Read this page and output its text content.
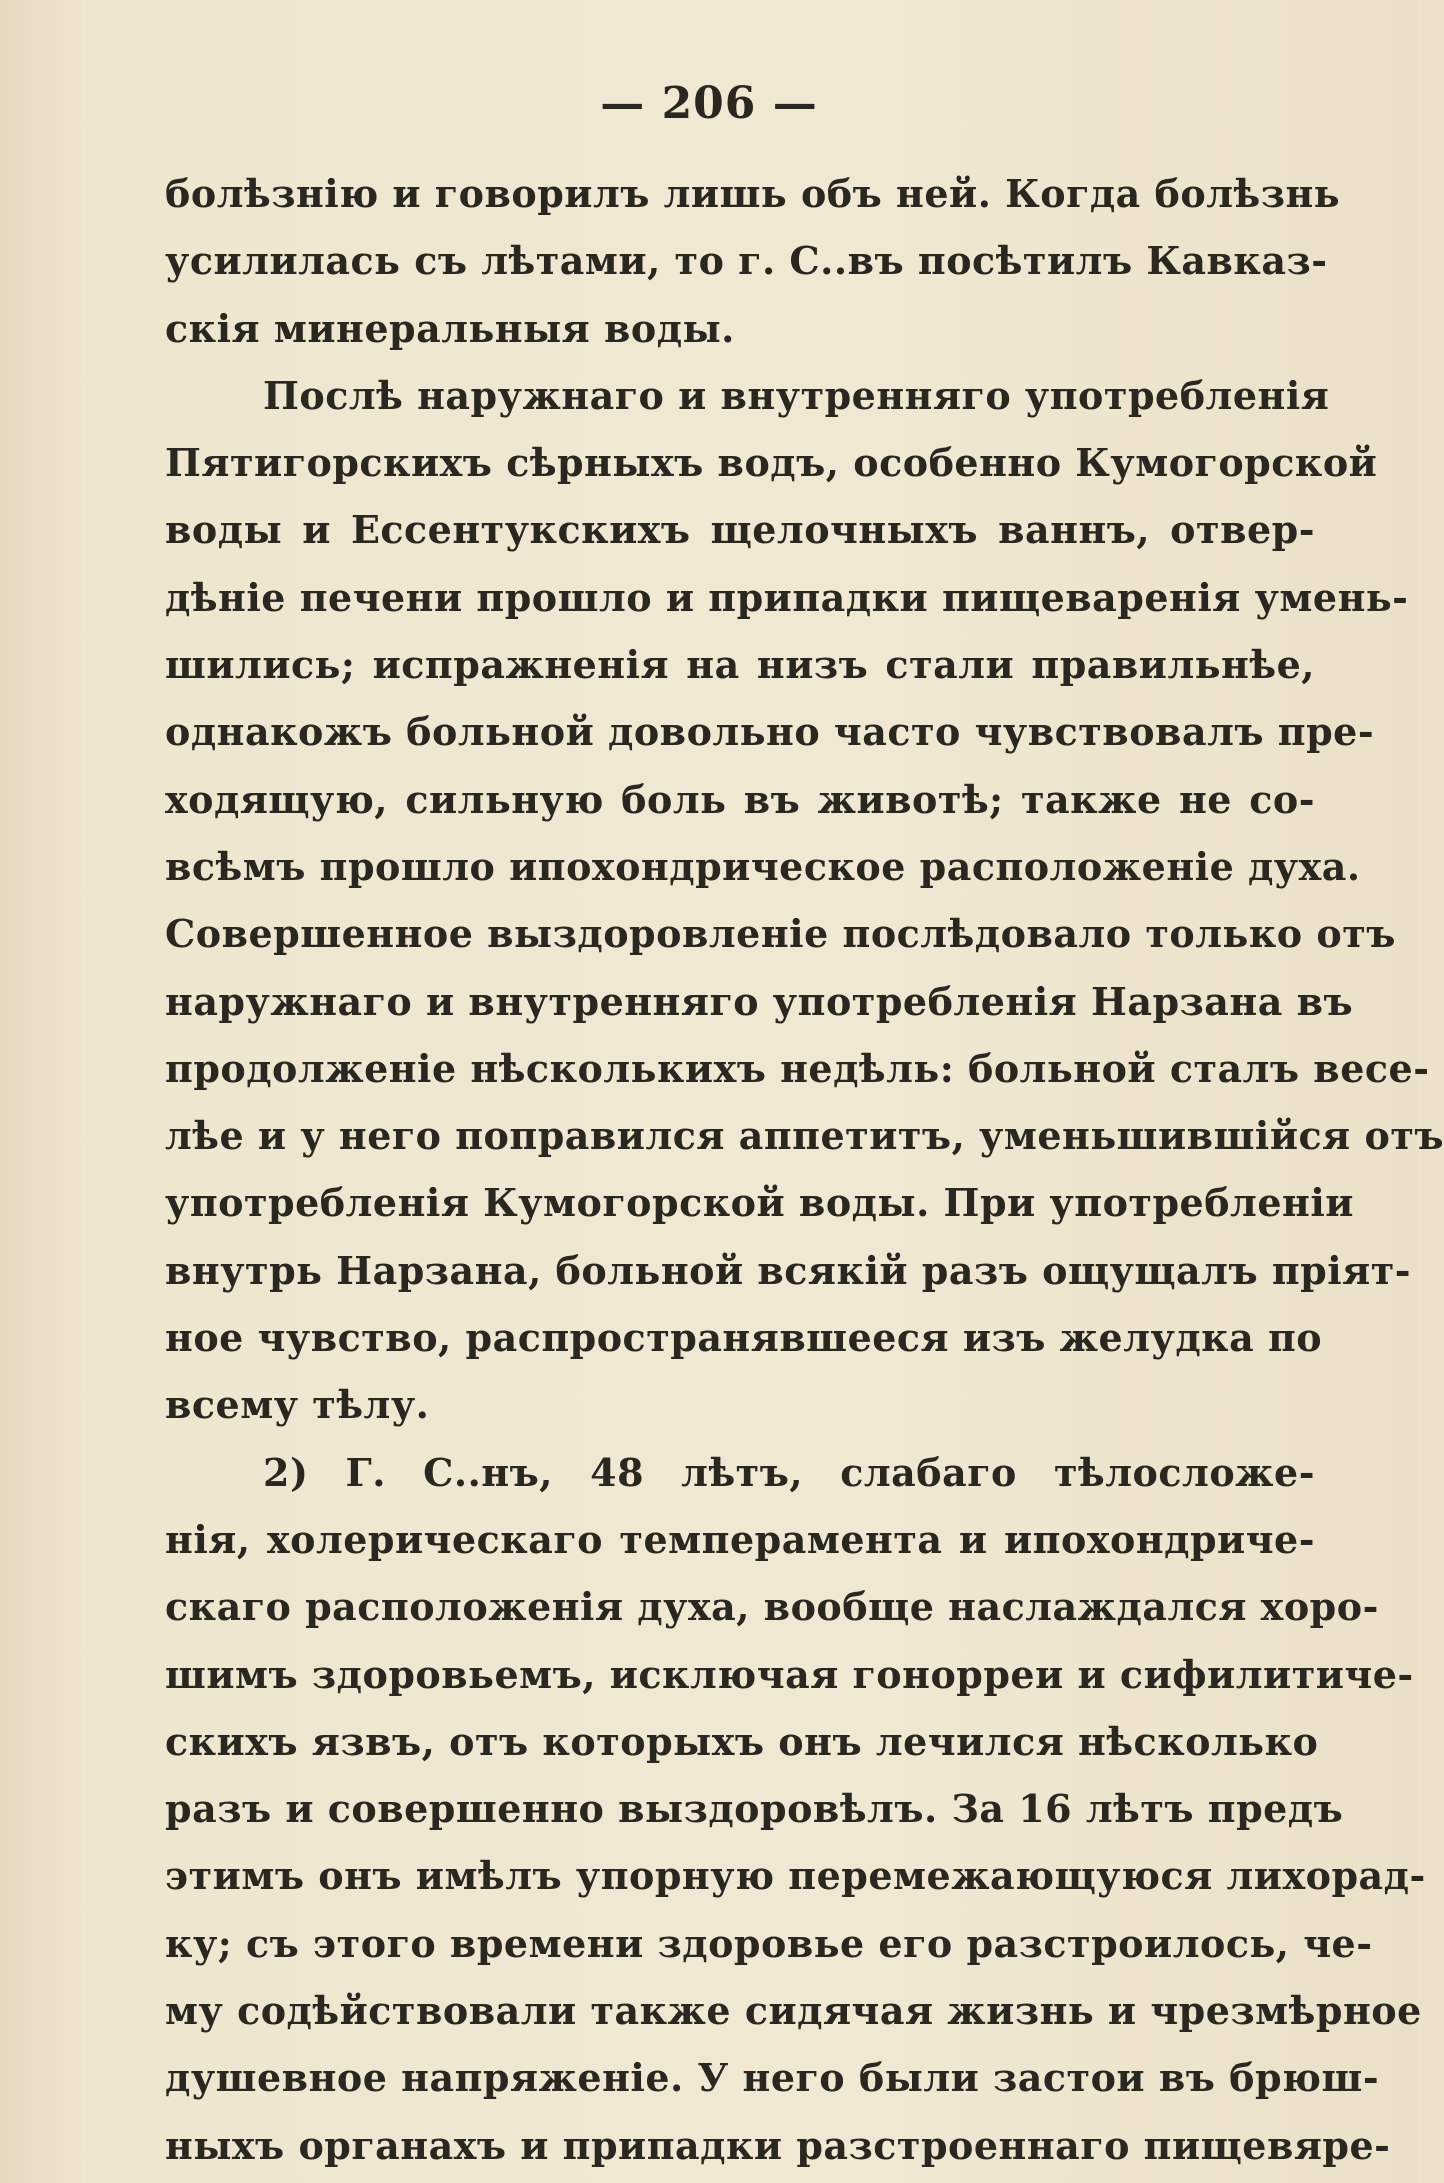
— 206 —
болѣзнію и говорилъ лишь объ ней. Когда болѣзнь
усилилась съ лѣтами, то г. С..въ посѣтилъ Кавказ-
скія минеральныя воды.
Послѣ наружнаго и внутренняго употребленія
Пятигорскихъ сѣрныхъ водъ, особенно Кумогорской
воды и Ессентукскихъ щелочныхъ ваннъ, отвер-
дѣніе печени прошло и припадки пищеваренія умень-
шились; испражненія на низъ стали правильнѣе,
однакожъ больной довольно часто чувствовалъ пре-
ходящую, сильную боль въ животѣ; также не со-
всѣмъ прошло ипохондрическое расположеніе духа.
Совершенное выздоровленіе послѣдовало только отъ
наружнаго и внутренняго употребленія Нарзана въ
продолженіе нѣсколькихъ недѣль: больной сталъ весе-
лѣе и у него поправился аппетитъ, уменьшившійся отъ
употребленія Кумогорской воды. При употребленіи
внутрь Нарзана, больной всякій разъ ощущалъ пріят-
ное чувство, распространявшееся изъ желудка по
всему тѣлу.
2) Г. С..нъ, 48 лѣтъ, слабаго тѣлосложе-
нія, холерическаго темперамента и ипохондриче-
скаго расположенія духа, вообще наслаждался хоро-
шимъ здоровьемъ, исключая гонорреи и сифилитиче-
скихъ язвъ, отъ которыхъ онъ лечился нѣсколько
разъ и совершенно выздоровѣлъ. За 16 лѣтъ предъ
этимъ онъ имѣлъ упорную перемежающуюся лихорад-
ку; съ этого времени здоровье его разстроилось, че-
му содѣйствовали также сидячая жизнь и чрезмѣрное
душевное напряженіе. У него были застои въ брюш-
ныхъ органахъ и припадки разстроеннаго пищевяре-
